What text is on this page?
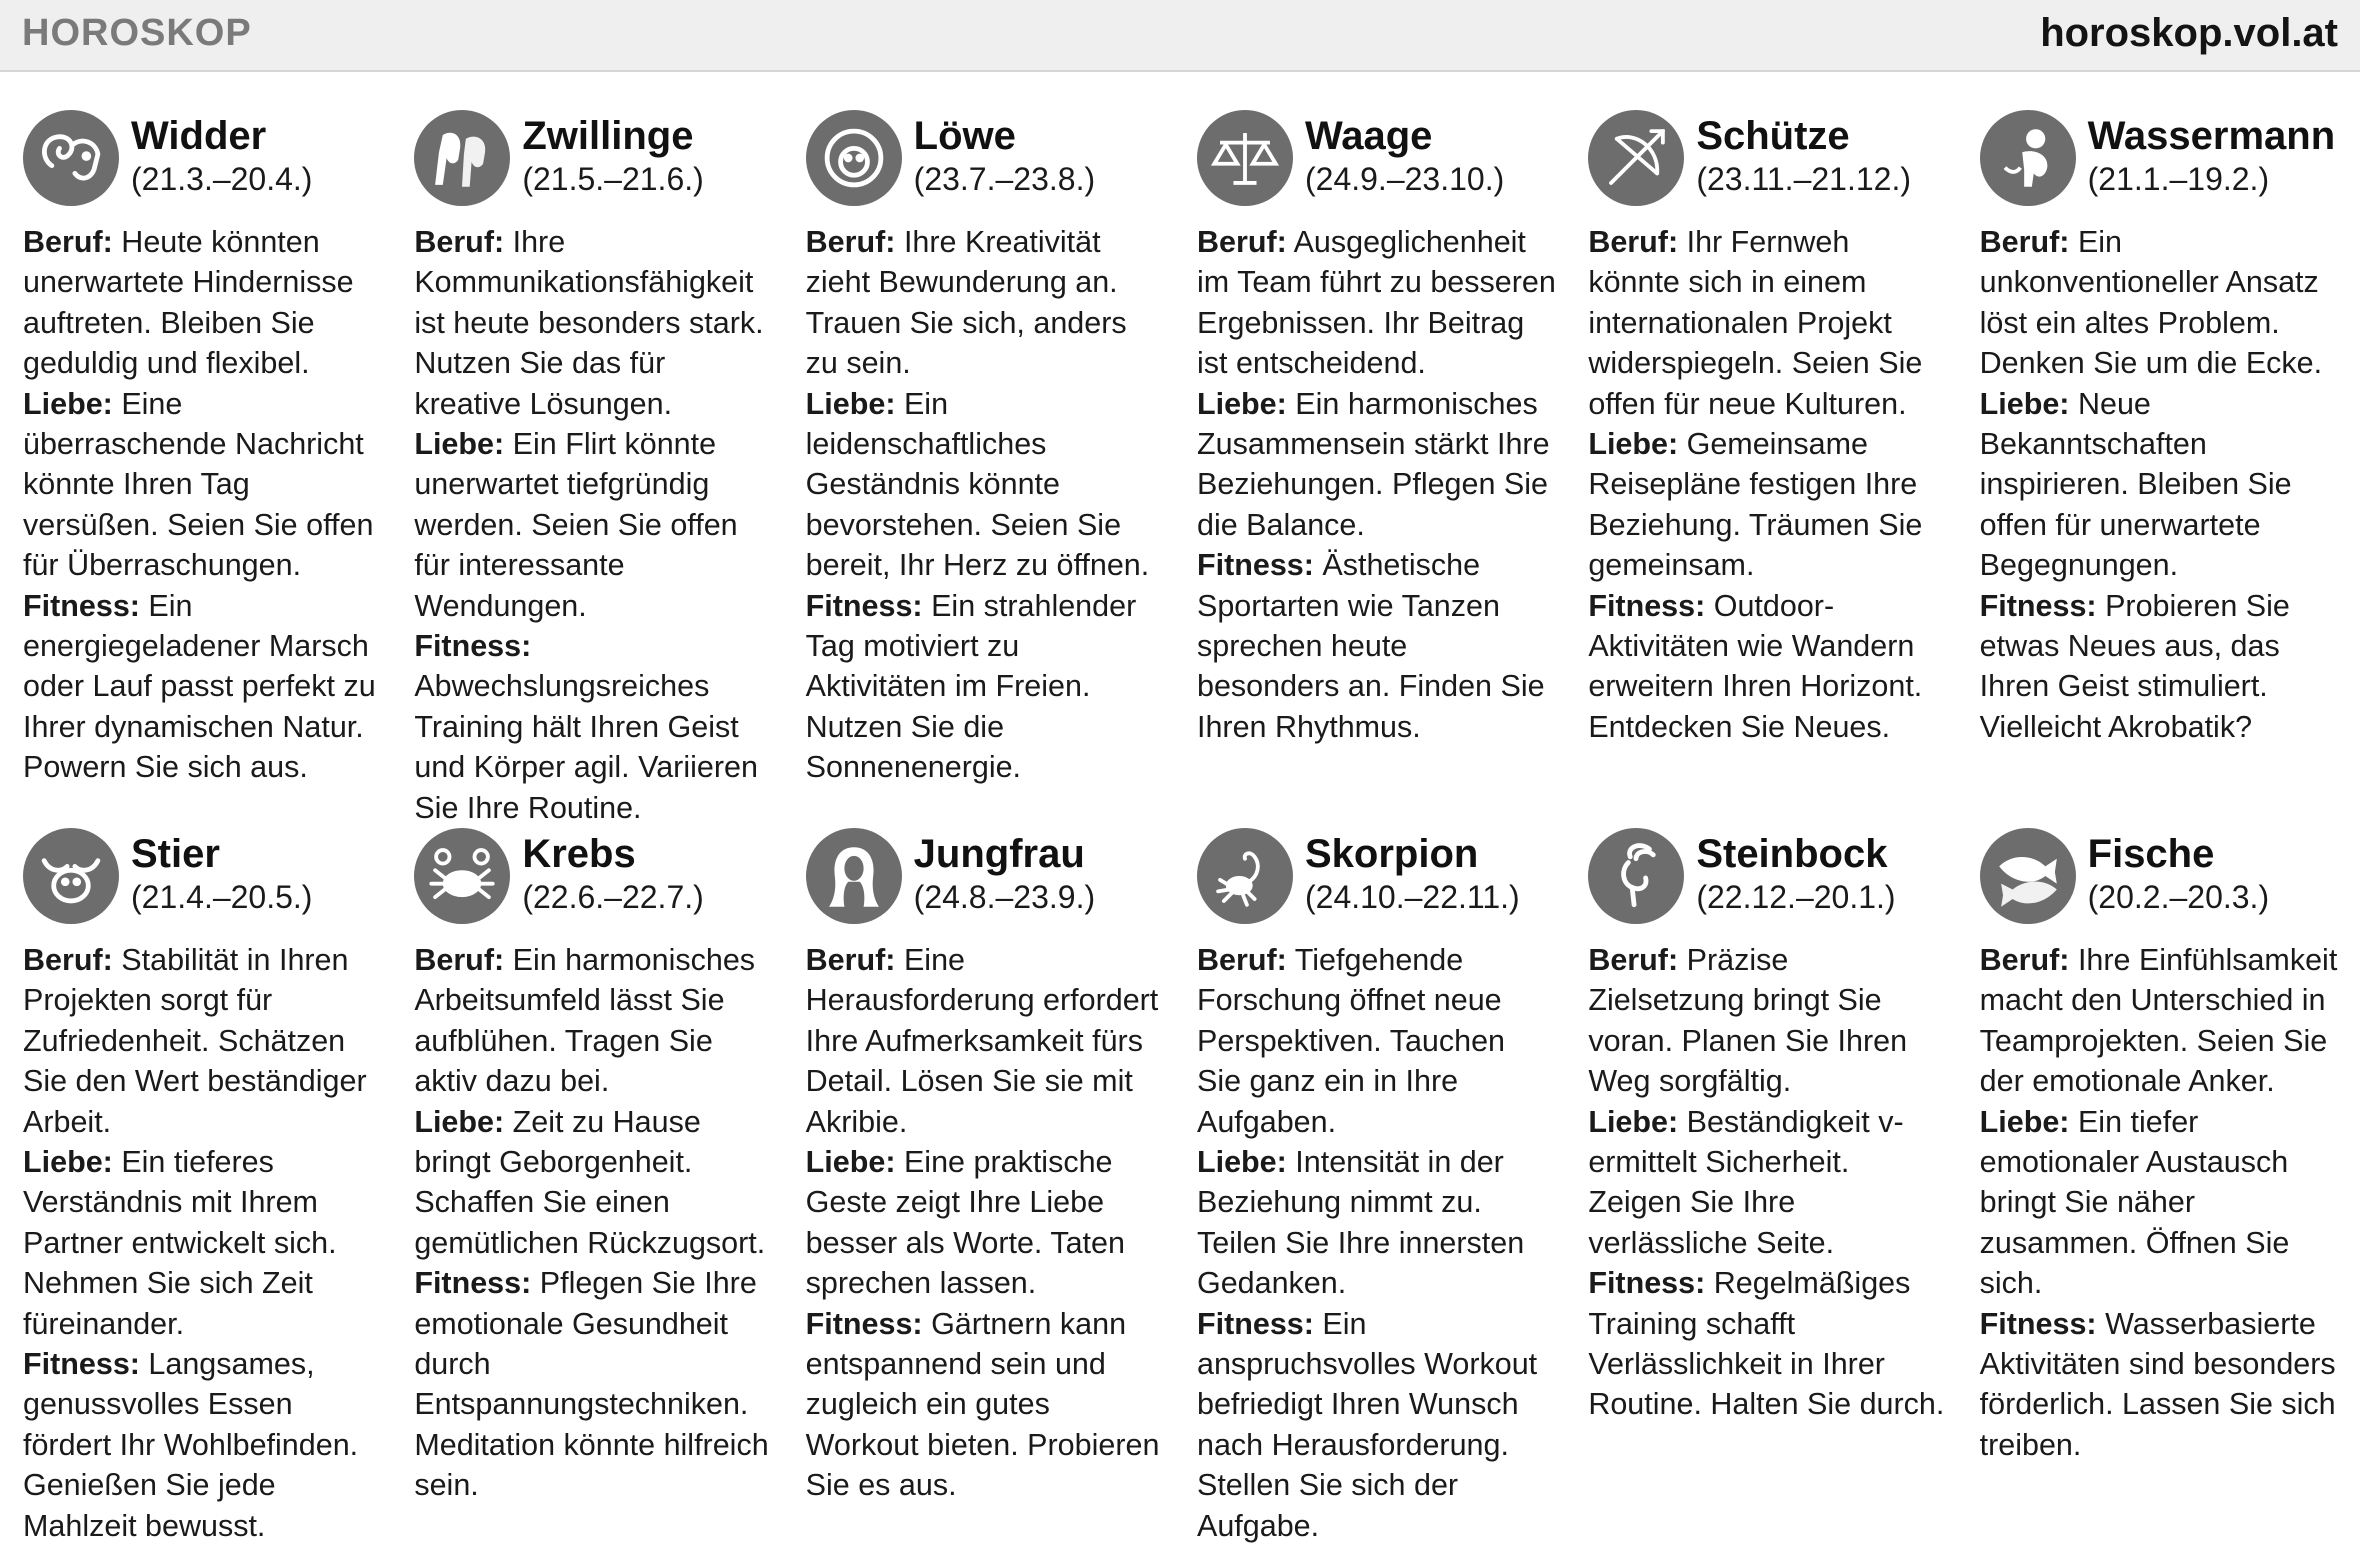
HOROSKOP	horoskop.vol.at
Widder
(21.3.–20.4.)
Beruf: Heute könnten unerwartete Hindernisse auftreten. Bleiben Sie geduldig und flexibel.
Liebe: Eine überraschende Nachricht könnte Ihren Tag versüßen. Seien Sie offen für Überraschungen.
Fitness: Ein energiegeladener Marsch oder Lauf passt perfekt zu Ihrer dynamischen Natur. Powern Sie sich aus.
Zwillinge
(21.5.–21.6.)
Beruf: Ihre Kommunikationsfähigkeit ist heute besonders stark. Nutzen Sie das für kreative Lösungen.
Liebe: Ein Flirt könnte unerwartet tiefgründig werden. Seien Sie offen für interessante Wendungen.
Fitness: Abwechslungsreiches Training hält Ihren Geist und Körper agil. Variieren Sie Ihre Routine.
Löwe
(23.7.–23.8.)
Beruf: Ihre Kreativität zieht Bewunderung an. Trauen Sie sich, anders zu sein.
Liebe: Ein leidenschaftliches Geständnis könnte bevorstehen. Seien Sie bereit, Ihr Herz zu öffnen.
Fitness: Ein strahlender Tag motiviert zu Aktivitäten im Freien. Nutzen Sie die Sonnenenergie.
Waage
(24.9.–23.10.)
Beruf: Ausgeglichenheit im Team führt zu besseren Ergebnissen. Ihr Beitrag ist entscheidend.
Liebe: Ein harmonisches Zusammensein stärkt Ihre Beziehungen. Pflegen Sie die Balance.
Fitness: Ästhetische Sportarten wie Tanzen sprechen heute besonders an. Finden Sie Ihren Rhythmus.
Schütze
(23.11.–21.12.)
Beruf: Ihr Fernweh könnte sich in einem internationalen Projekt widerspiegeln. Seien Sie offen für neue Kulturen.
Liebe: Gemeinsame Reisepläne festigen Ihre Beziehung. Träumen Sie gemeinsam.
Fitness: Outdoor-Aktivitäten wie Wandern erweitern Ihren Horizont. Entdecken Sie Neues.
Wassermann
(21.1.–19.2.)
Beruf: Ein unkonventioneller Ansatz löst ein altes Problem. Denken Sie um die Ecke.
Liebe: Neue Bekanntschaften inspirieren. Bleiben Sie offen für unerwartete Begegnungen.
Fitness: Probieren Sie etwas Neues aus, das Ihren Geist stimuliert. Vielleicht Akrobatik?
Stier
(21.4.–20.5.)
Beruf: Stabilität in Ihren Projekten sorgt für Zufriedenheit. Schätzen Sie den Wert beständiger Arbeit.
Liebe: Ein tieferes Verständnis mit Ihrem Partner entwickelt sich. Nehmen Sie sich Zeit füreinander.
Fitness: Langsames, genussvolles Essen fördert Ihr Wohlbefinden. Genießen Sie jede Mahlzeit bewusst.
Krebs
(22.6.–22.7.)
Beruf: Ein harmonisches Arbeitsumfeld lässt Sie aufblühen. Tragen Sie aktiv dazu bei.
Liebe: Zeit zu Hause bringt Geborgenheit. Schaffen Sie einen gemütlichen Rückzugsort.
Fitness: Pflegen Sie Ihre emotionale Gesundheit durch Entspannungstechniken. Meditation könnte hilfreich sein.
Jungfrau
(24.8.–23.9.)
Beruf: Eine Herausforderung erfordert Ihre Aufmerksamkeit fürs Detail. Lösen Sie sie mit Akribie.
Liebe: Eine praktische Geste zeigt Ihre Liebe besser als Worte. Taten sprechen lassen.
Fitness: Gärtnern kann entspannend sein und zugleich ein gutes Workout bieten. Probieren Sie es aus.
Skorpion
(24.10.–22.11.)
Beruf: Tiefgehende Forschung öffnet neue Perspektiven. Tauchen Sie ganz ein in Ihre Aufgaben.
Liebe: Intensität in der Beziehung nimmt zu. Teilen Sie Ihre innersten Gedanken.
Fitness: Ein anspruchsvolles Workout befriedigt Ihren Wunsch nach Herausforderung. Stellen Sie sich der Aufgabe.
Steinbock
(22.12.–20.1.)
Beruf: Präzise Zielsetzung bringt Sie voran. Planen Sie Ihren Weg sorgfältig.
Liebe: Beständigkeit v-ermittelt Sicherheit. Zeigen Sie Ihre verlässliche Seite.
Fitness: Regelmäßiges Training schafft Verlässlichkeit in Ihrer Routine. Halten Sie durch.
Fische
(20.2.–20.3.)
Beruf: Ihre Einfühlsamkeit macht den Unterschied in Teamprojekten. Seien Sie der emotionale Anker.
Liebe: Ein tiefer emotionaler Austausch bringt Sie näher zusammen. Öffnen Sie sich.
Fitness: Wasserbasierte Aktivitäten sind besonders förderlich. Lassen Sie sich treiben.
